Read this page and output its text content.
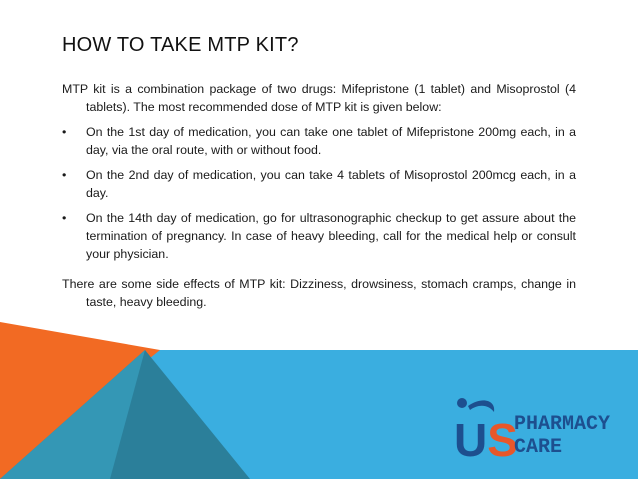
HOW TO TAKE MTP KIT?

MTP kit is a combination package of two drugs: Mifepristone (1 tablet) and Misoprostol (4 tablets). The most recommended dose of MTP kit is given below:

•	On the 1st day of medication, you can take one tablet of Mifepristone 200mg each, in a day, via the oral route, with or without food.
•	On the 2nd day of medication, you can take 4 tablets of Misoprostol 200mcg each, in a day.
•	On the 14th day of medication, go for ultrasonographic checkup to get assure about the termination of pregnancy. In case of heavy bleeding, call for the medical help or consult your physician.

There are some side effects of MTP kit: Dizziness, drowsiness, stomach cramps, change in taste, heavy bleeding.

US
PHARMACY
CARE
